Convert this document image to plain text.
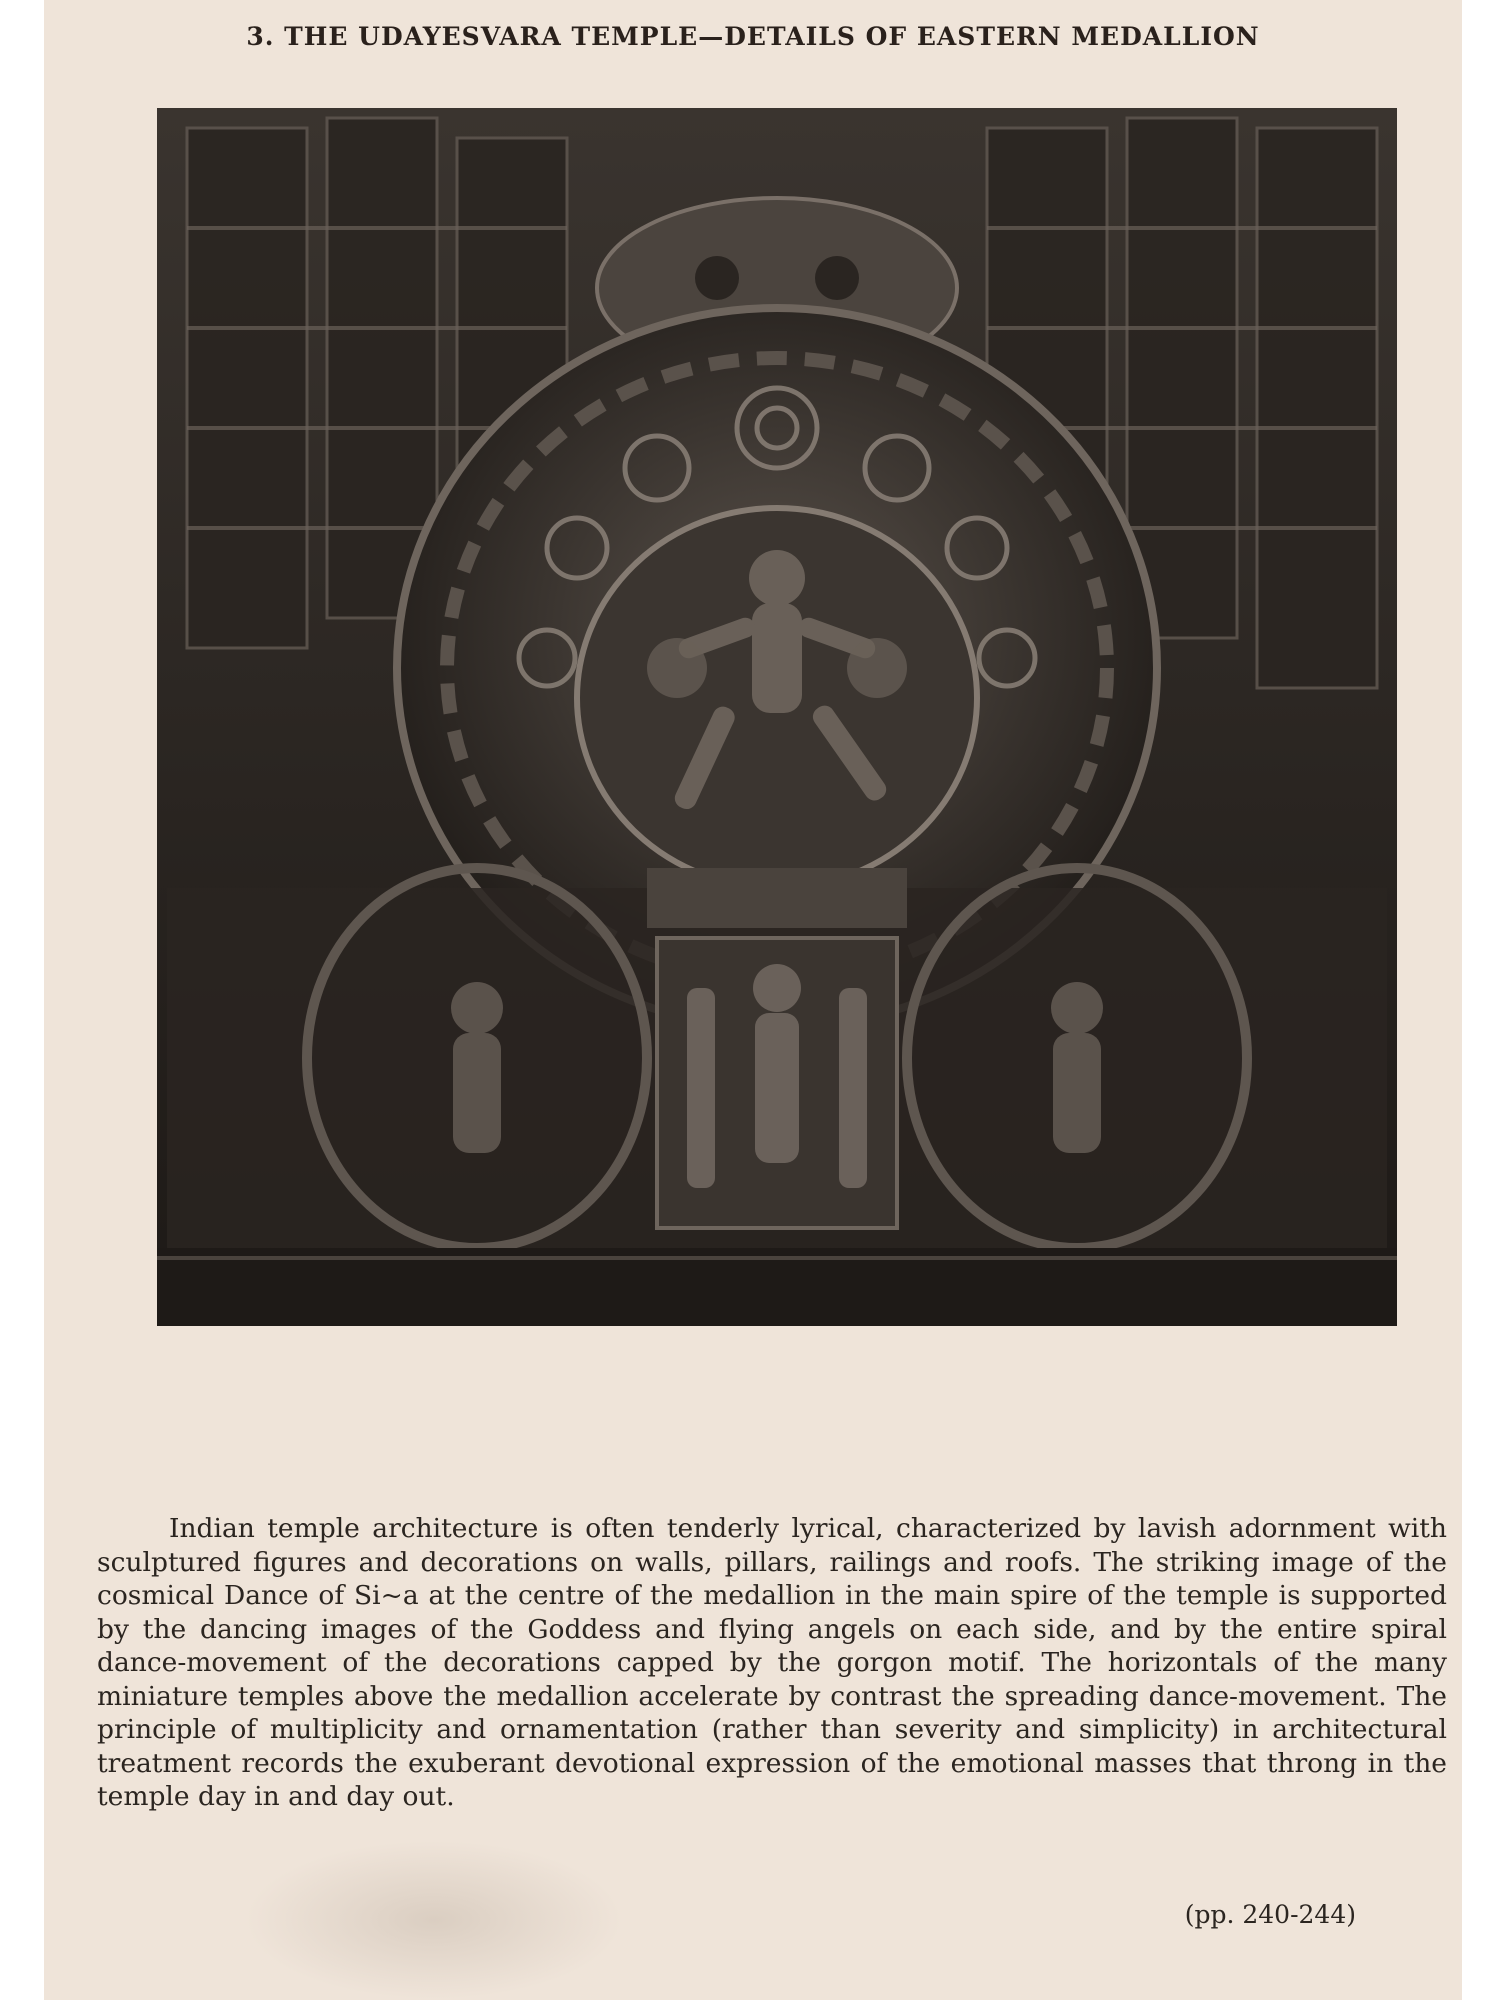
3. THE UDAYESVARA TEMPLE—DETAILS OF EASTERN MEDALLION

Indian temple architecture is often tenderly lyrical, characterized by lavish adornment with sculptured figures and decorations on walls, pillars, railings and roofs. The striking image of the cosmical Dance of Si~a at the centre of the medallion in the main spire of the temple is supported by the dancing images of the Goddess and flying angels on each side, and by the entire spiral dance-movement of the decorations capped by the gorgon motif. The horizontals of the many miniature temples above the medallion accelerate by contrast the spreading dance-movement. The principle of multiplicity and ornamentation (rather than severity and simplicity) in architectural treatment records the exuberant devotional expression of the emotional masses that throng in the temple day in and day out.

(pp. 240-244)
